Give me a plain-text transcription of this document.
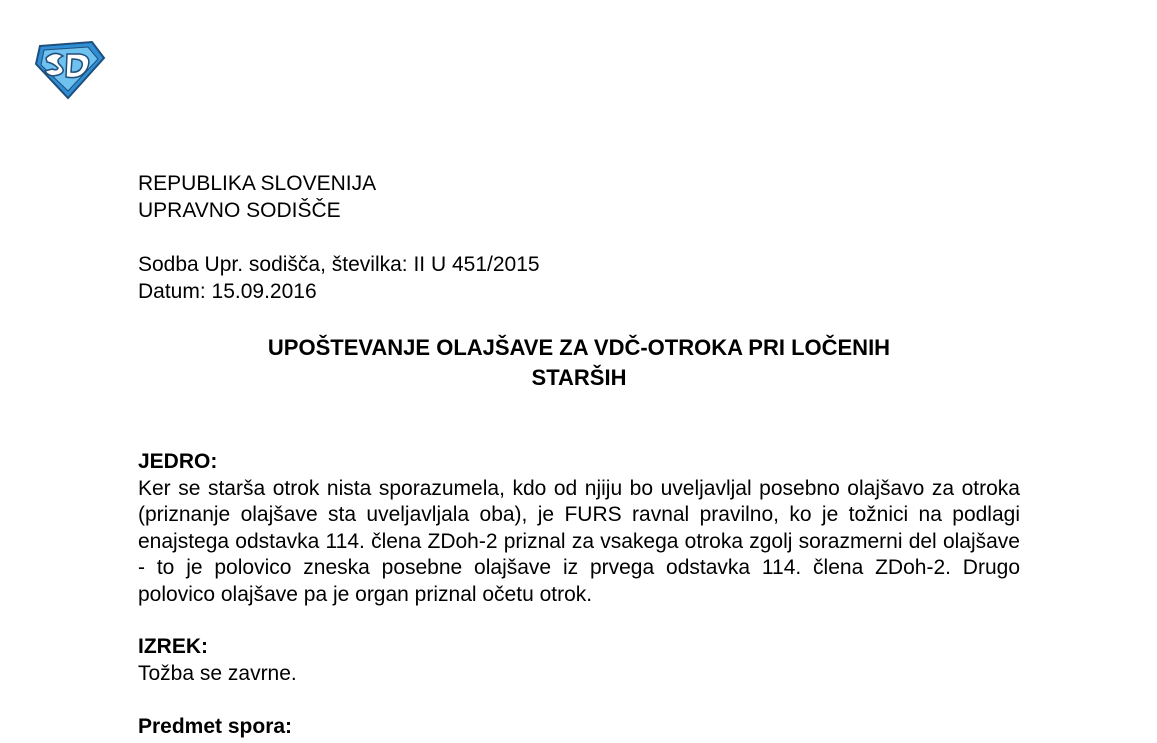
REPUBLIKA SLOVENIJA
UPRAVNO SODIŠČE
Sodba Upr. sodišča, številka: II U 451/2015
Datum: 15.09.2016
UPOŠTEVANJE OLAJŠAVE ZA VDČ-OTROKA PRI LOČENIH
STARŠIH
JEDRO:
Ker se starša otrok nista sporazumela, kdo od njiju bo uveljavljal posebno olajšavo za otroka (priznanje olajšave sta uveljavljala oba), je FURS ravnal pravilno, ko je tožnici na podlagi enajstega odstavka 114. člena ZDoh-2 priznal za vsakega otroka zgolj sorazmerni del olajšave - to je polovico zneska posebne olajšave iz prvega odstavka 114. člena ZDoh-2. Drugo polovico olajšave pa je organ priznal očetu otrok.
IZREK:
Tožba se zavrne.
Predmet spora:
